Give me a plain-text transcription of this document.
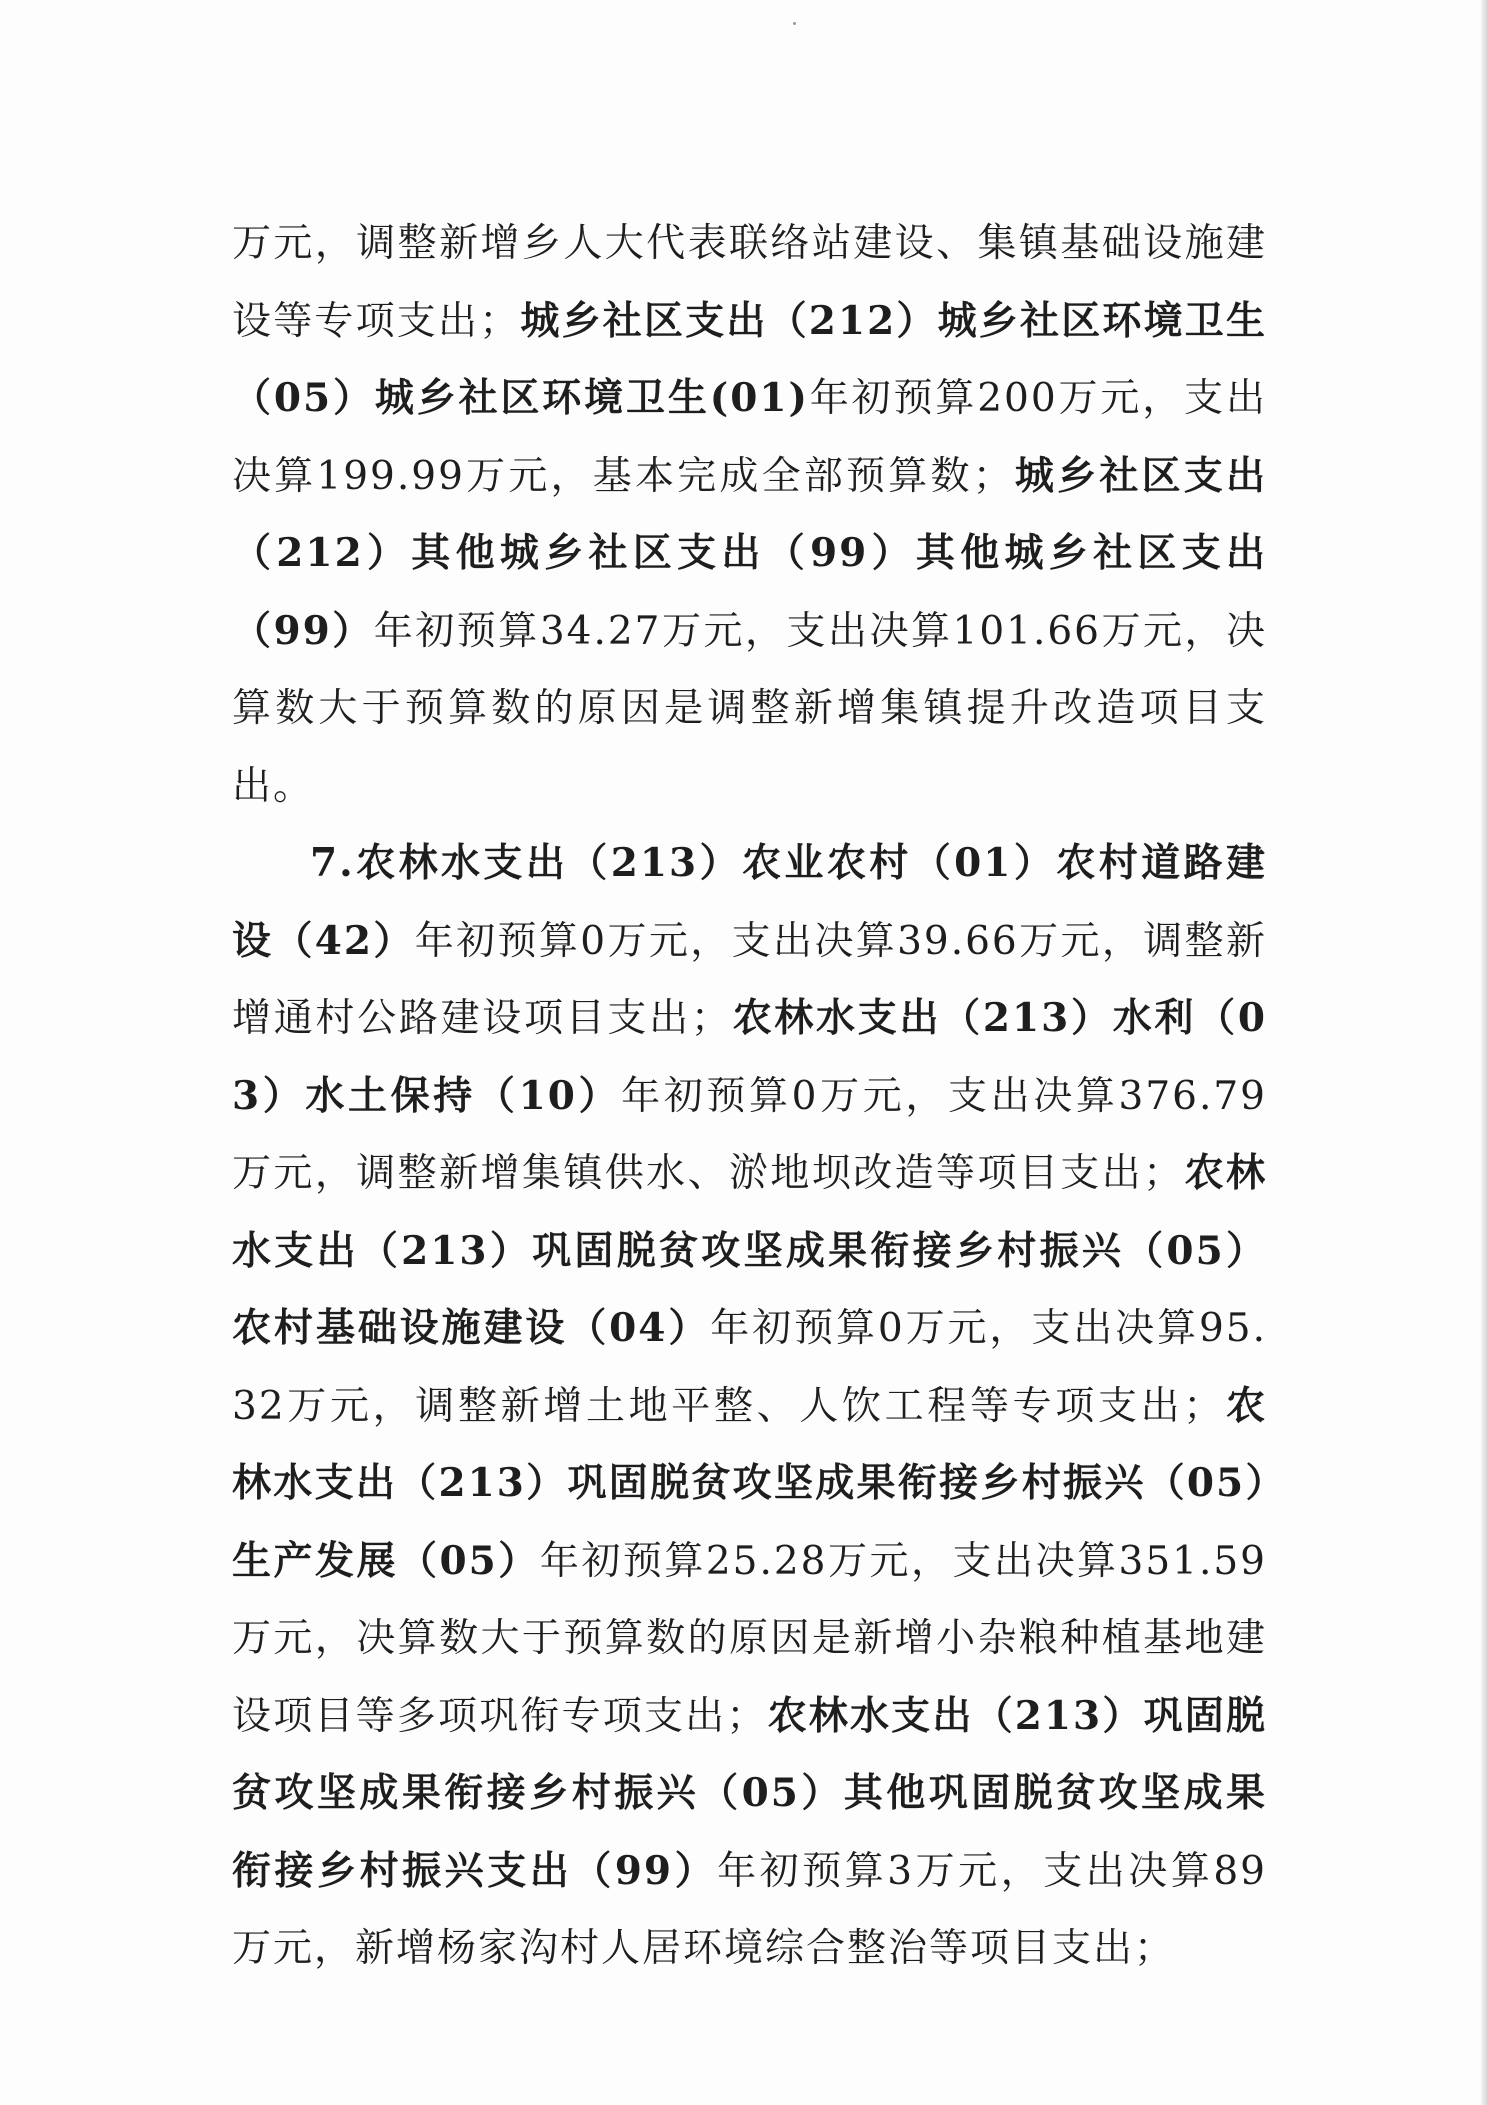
万元，调整新增乡人大代表联络站建设、集镇基础设施建设等专项支出；城乡社区支出（212）城乡社区环境卫生（05）城乡社区环境卫生(01)年初预算200万元，支出决算199.99万元，基本完成全部预算数；城乡社区支出（212）其他城乡社区支出（99）其他城乡社区支出（99）年初预算34.27万元，支出决算101.66万元，决算数大于预算数的原因是调整新增集镇提升改造项目支出。

7.农林水支出（213）农业农村（01）农村道路建设（42）年初预算0万元，支出决算39.66万元，调整新增通村公路建设项目支出；农林水支出（213）水利（03）水土保持（10）年初预算0万元，支出决算376.79万元，调整新增集镇供水、淤地坝改造等项目支出；农林水支出（213）巩固脱贫攻坚成果衔接乡村振兴（05）农村基础设施建设（04）年初预算0万元，支出决算95.32万元，调整新增土地平整、人饮工程等专项支出；农林水支出（213）巩固脱贫攻坚成果衔接乡村振兴（05）生产发展（05）年初预算25.28万元，支出决算351.59万元，决算数大于预算数的原因是新增小杂粮种植基地建设项目等多项巩衔专项支出；农林水支出（213）巩固脱贫攻坚成果衔接乡村振兴（05）其他巩固脱贫攻坚成果衔接乡村振兴支出（99）年初预算3万元，支出决算89万元，新增杨家沟村人居环境综合整治等项目支出；
